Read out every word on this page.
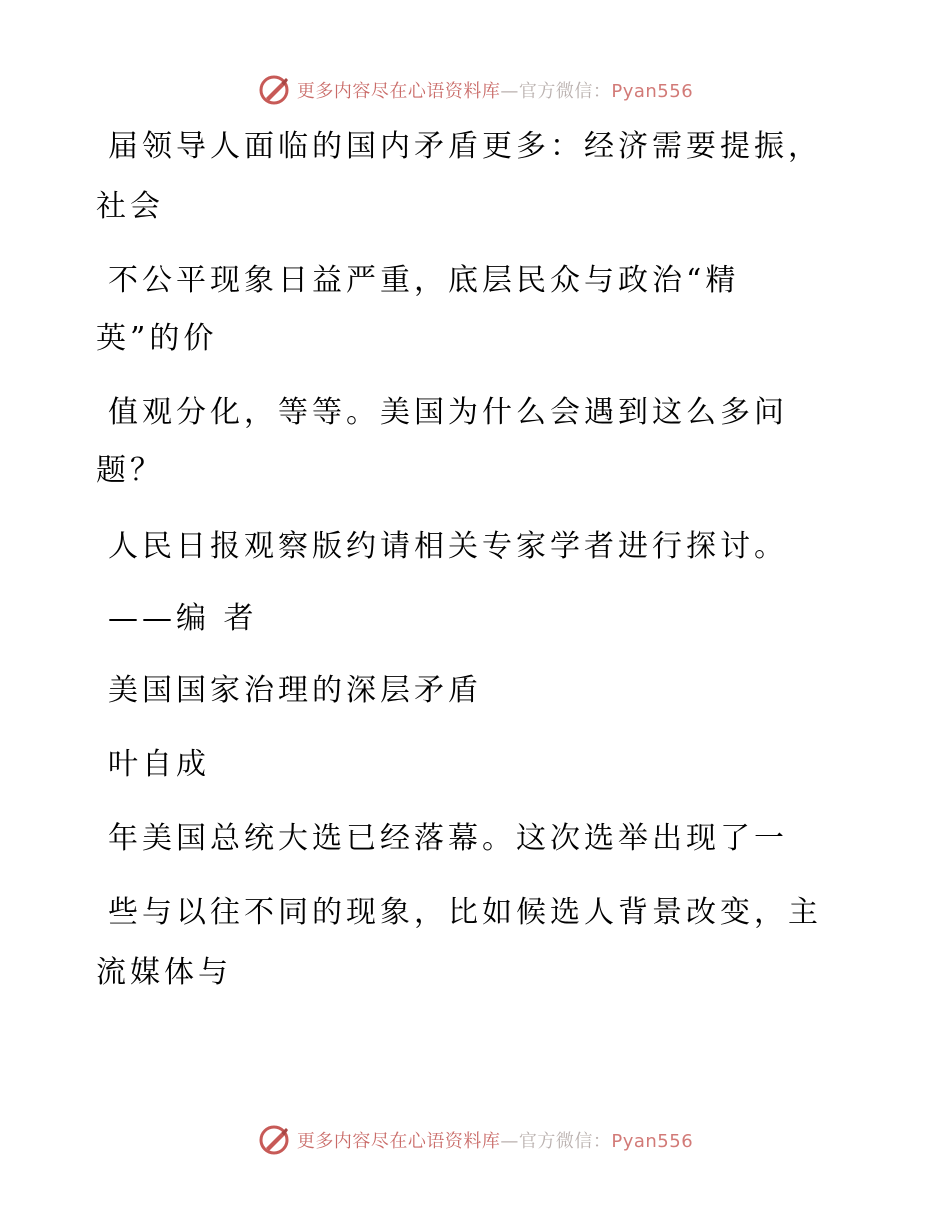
更多内容尽在心语资料库—官方微信：Pyan556
届领导人面临的国内矛盾更多：经济需要提振，
社会
不公平现象日益严重，底层民众与政治“精
英”的价
值观分化，等等。美国为什么会遇到这么多问
题？
人民日报观察版约请相关专家学者进行探讨。
——编 者
美国国家治理的深层矛盾
叶自成
年美国总统大选已经落幕。这次选举出现了一
些与以往不同的现象，比如候选人背景改变，主
流媒体与
更多内容尽在心语资料库—官方微信：Pyan556
